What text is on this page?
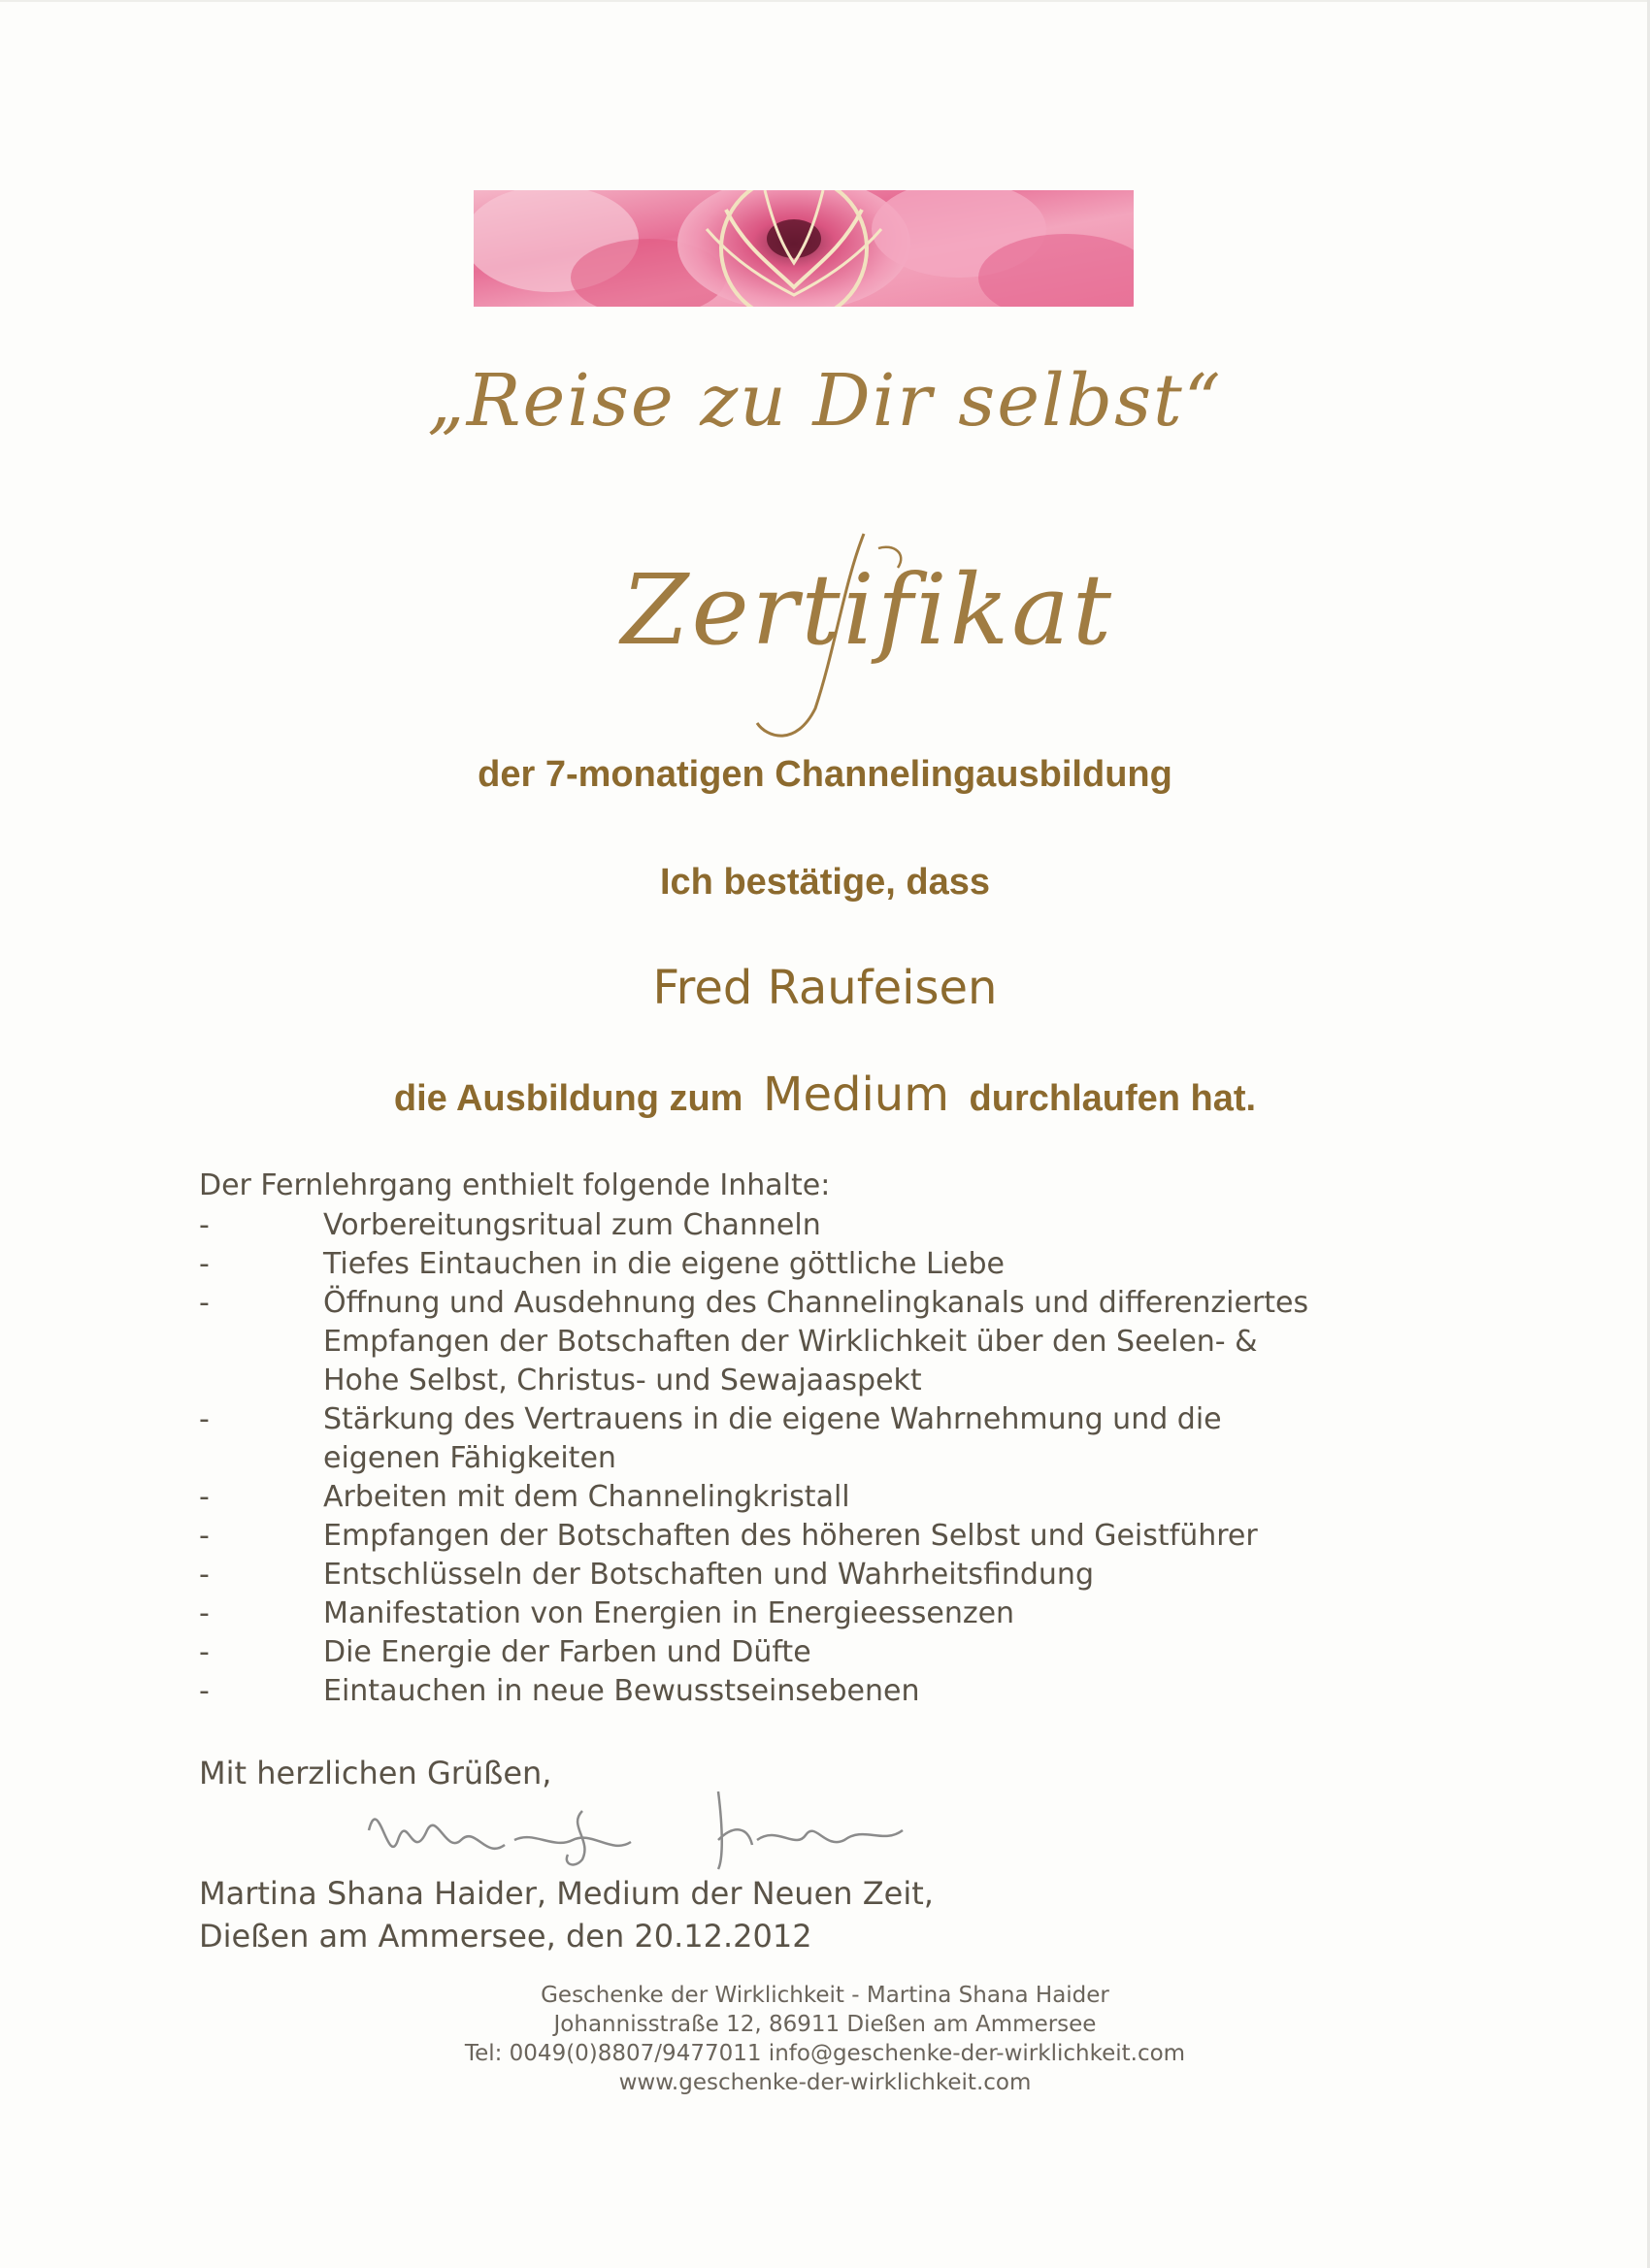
„Reise zu Dir selbst“
Zertifikat
der 7-monatigen Channelingausbildung
Ich bestätige, dass
Fred Raufeisen
die Ausbildung zum Medium durchlaufen hat.
Der Fernlehrgang enthielt folgende Inhalte:
-	Vorbereitungsritual zum Channeln
-	Tiefes Eintauchen in die eigene göttliche Liebe
-	Öffnung und Ausdehnung des Channelingkanals und differenziertes
Empfangen der Botschaften der Wirklichkeit über den Seelen- &
Hohe Selbst, Christus- und Sewajaaspekt
-	Stärkung des Vertrauens in die eigene Wahrnehmung und die
eigenen Fähigkeiten
-	Arbeiten mit dem Channelingkristall
-	Empfangen der Botschaften des höheren Selbst und Geistführer
-	Entschlüsseln der Botschaften und Wahrheitsfindung
-	Manifestation von Energien in Energieessenzen
-	Die Energie der Farben und Düfte
-	Eintauchen in neue Bewusstseinsebenen
Mit herzlichen Grüßen,
Martina Shana Haider, Medium der Neuen Zeit,
Dießen am Ammersee, den 20.12.2012
Geschenke der Wirklichkeit - Martina Shana Haider
Johannisstraße 12, 86911 Dießen am Ammersee
Tel: 0049(0)8807/9477011 info@geschenke-der-wirklichkeit.com
www.geschenke-der-wirklichkeit.com
